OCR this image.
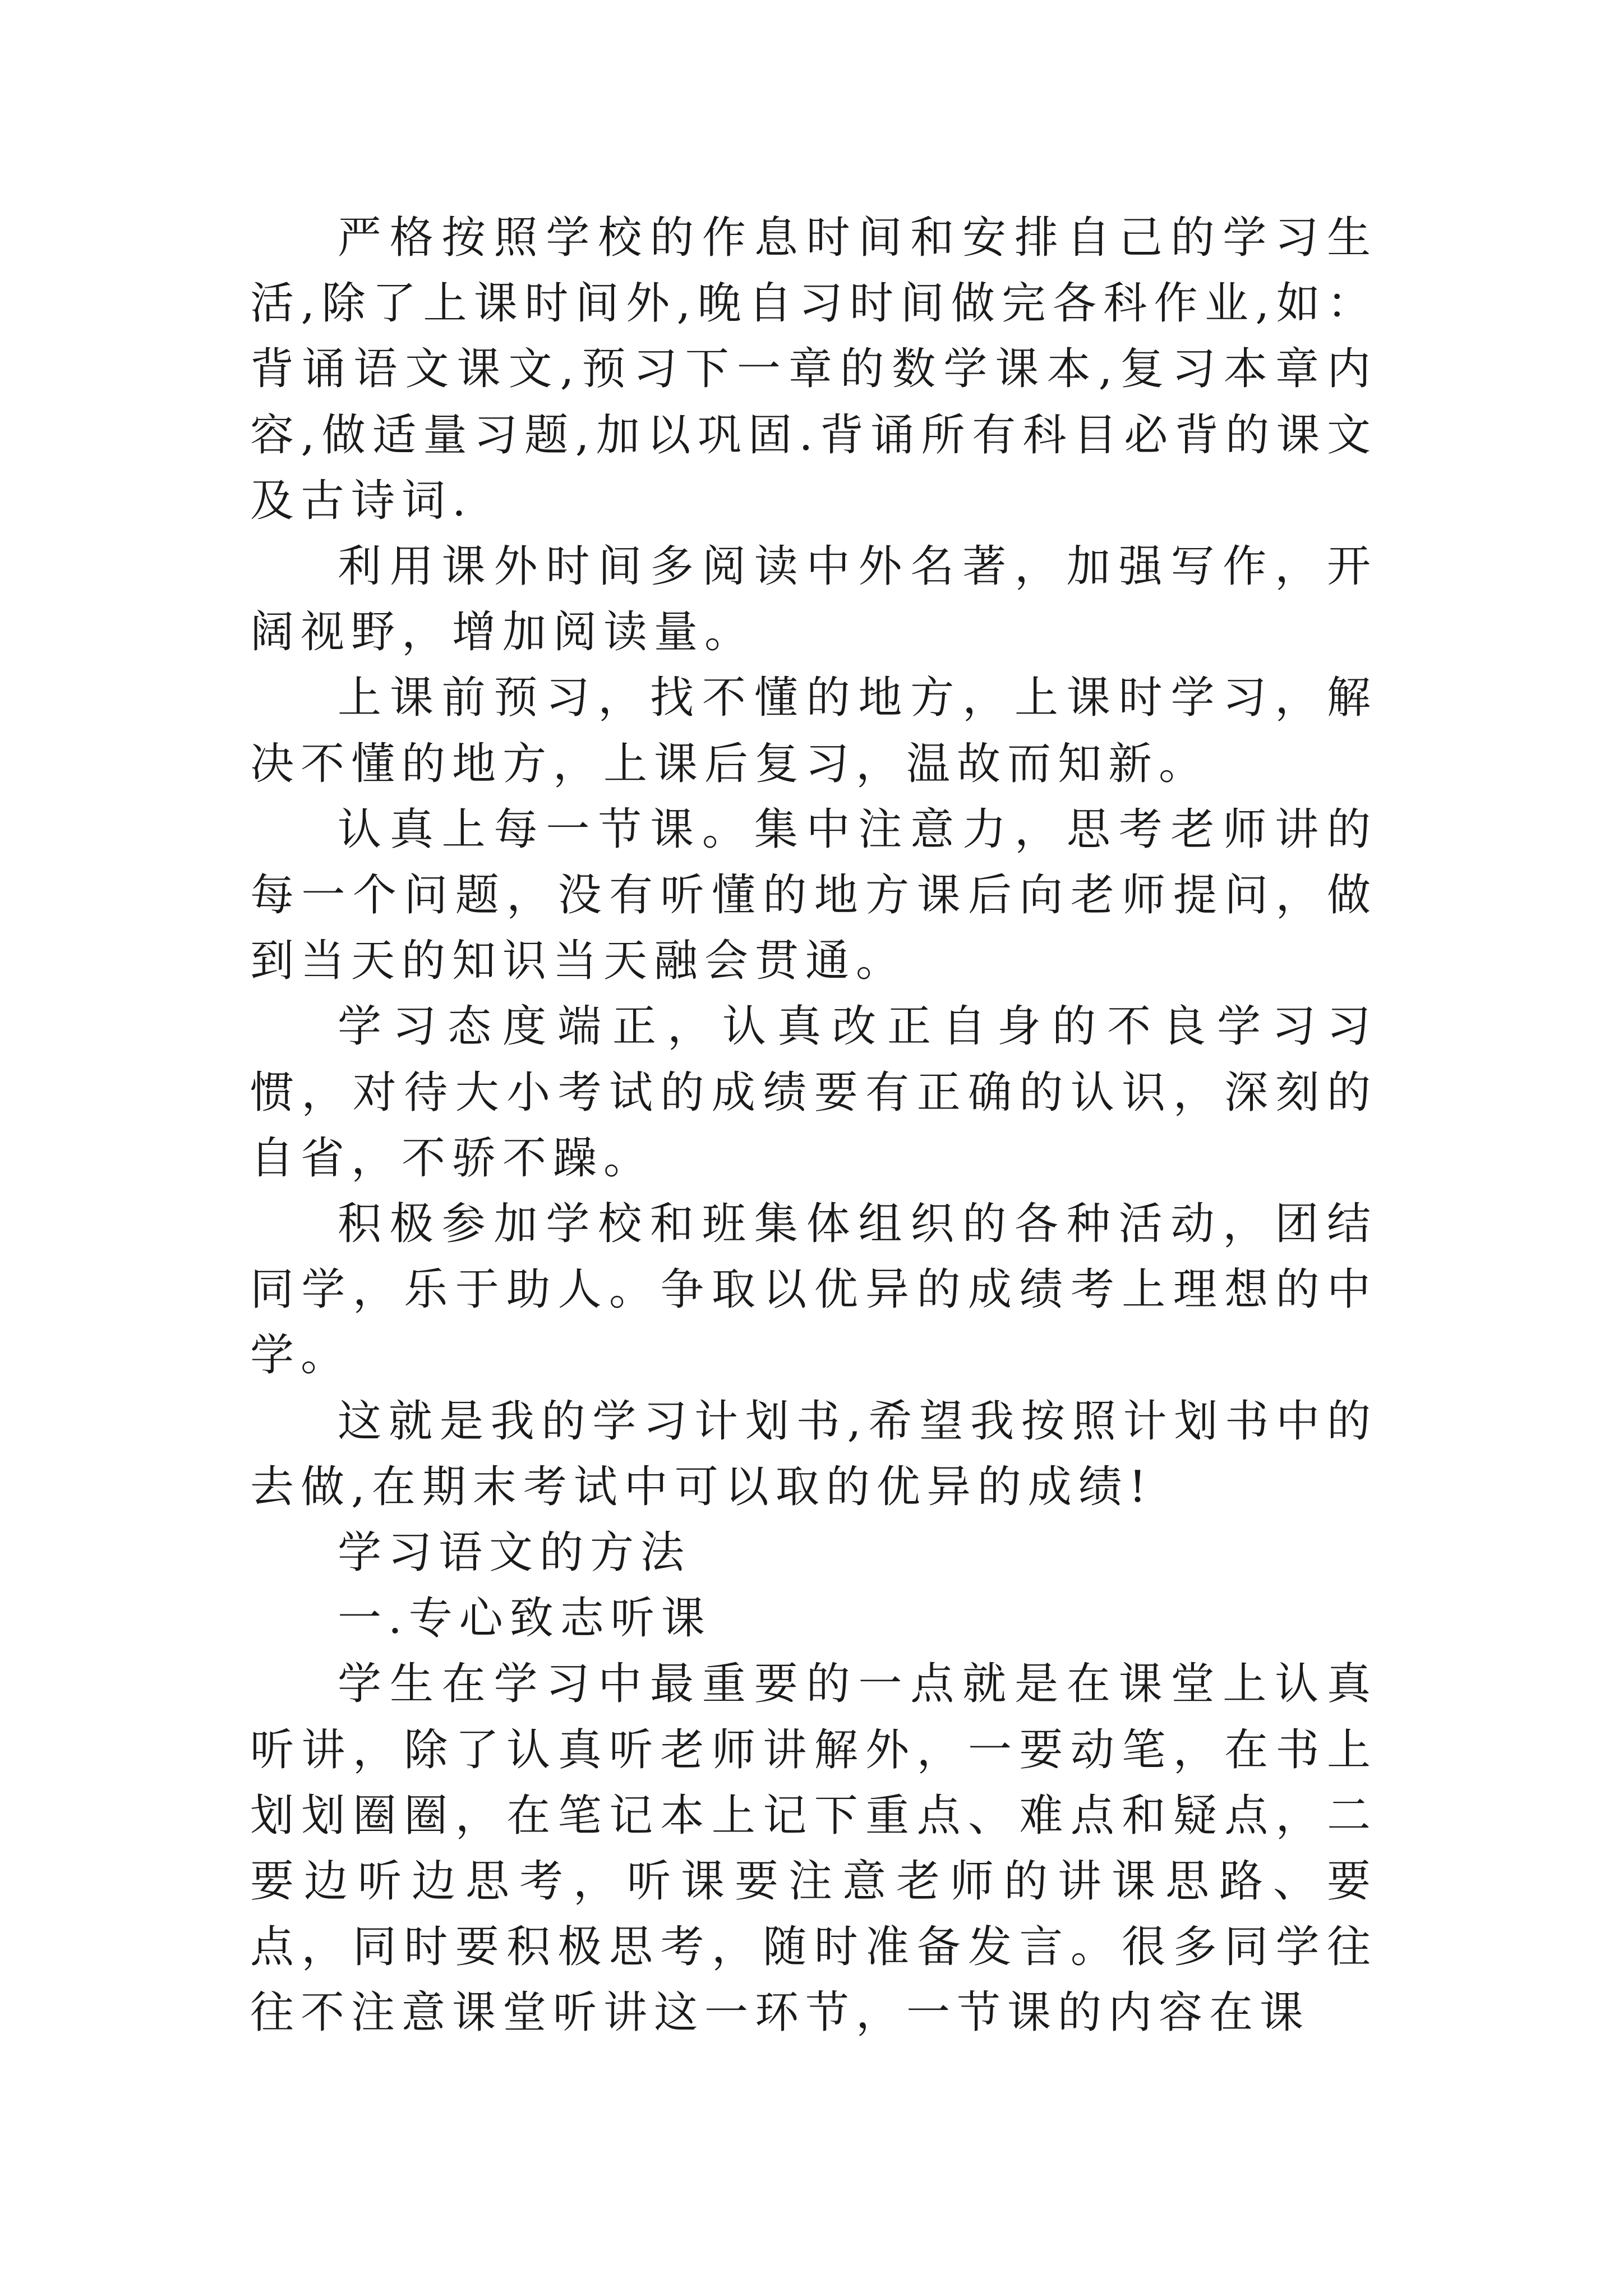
严格按照学校的作息时间和安排自己的学习生活,除了上课时间外,晚自习时间做完各科作业,如：背诵语文课文,预习下一章的数学课本,复习本章内容,做适量习题,加以巩固.背诵所有科目必背的课文及古诗词.

利用课外时间多阅读中外名著，加强写作，开阔视野，增加阅读量。

上课前预习，找不懂的地方，上课时学习，解决不懂的地方，上课后复习，温故而知新。

认真上每一节课。集中注意力，思考老师讲的每一个问题，没有听懂的地方课后向老师提问，做到当天的知识当天融会贯通。

学习态度端正，认真改正自身的不良学习习惯，对待大小考试的成绩要有正确的认识，深刻的自省，不骄不躁。

积极参加学校和班集体组织的各种活动，团结同学，乐于助人。争取以优异的成绩考上理想的中学。

这就是我的学习计划书,希望我按照计划书中的去做,在期末考试中可以取的优异的成绩!

学习语文的方法

一.专心致志听课

学生在学习中最重要的一点就是在课堂上认真听讲，除了认真听老师讲解外，一要动笔，在书上划划圈圈，在笔记本上记下重点、难点和疑点，二要边听边思考，听课要注意老师的讲课思路、要点，同时要积极思考，随时准备发言。很多同学往往不注意课堂听讲这一环节，一节课的内容在课
